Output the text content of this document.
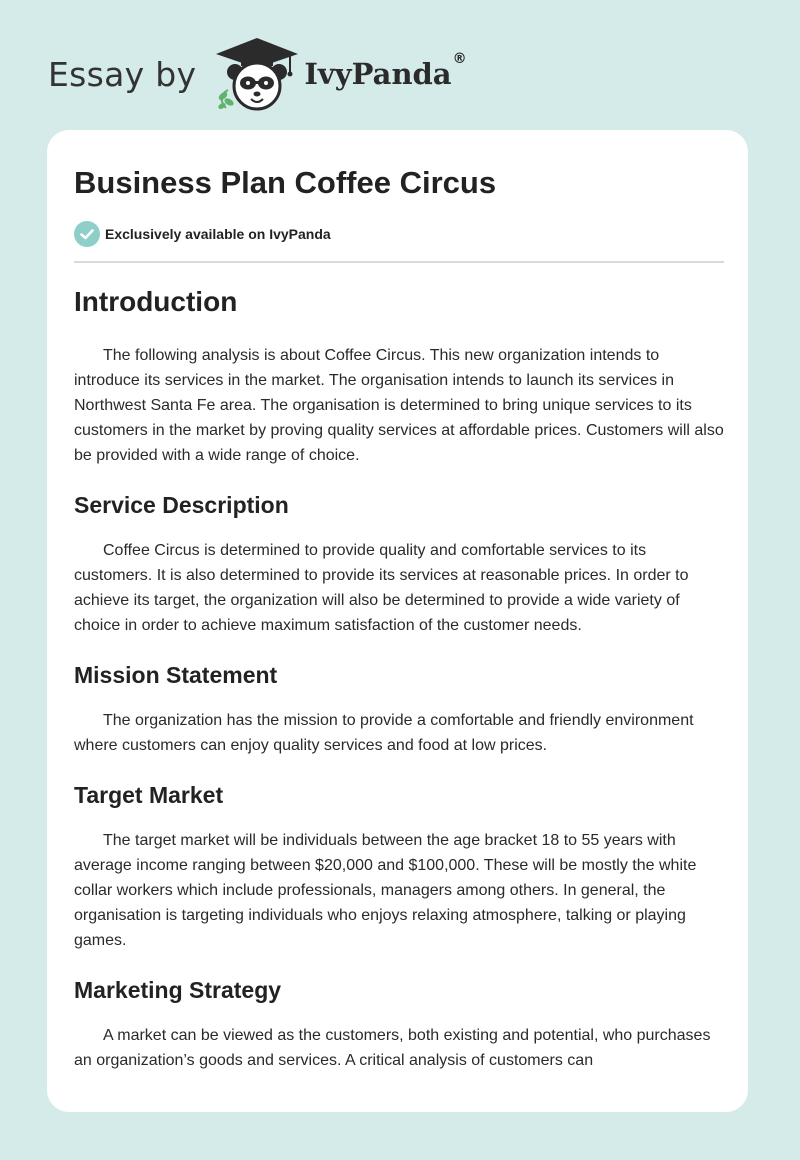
Essay by	IvyPanda®
Business Plan Coffee Circus
Exclusively available on IvyPanda
Introduction

The following analysis is about Coffee Circus. This new organization intends to introduce its services in the market. The organisation intends to launch its services in Northwest Santa Fe area. The organisation is determined to bring unique services to its customers in the market by proving quality services at affordable prices. Customers will also be provided with a wide range of choice.

Service Description

Coffee Circus is determined to provide quality and comfortable services to its customers. It is also determined to provide its services at reasonable prices. In order to achieve its target, the organization will also be determined to provide a wide variety of choice in order to achieve maximum satisfaction of the customer needs.

Mission Statement

The organization has the mission to provide a comfortable and friendly environment where customers can enjoy quality services and food at low prices.

Target Market

The target market will be individuals between the age bracket 18 to 55 years with average income ranging between $20,000 and $100,000. These will be mostly the white collar workers which include professionals, managers among others. In general, the organisation is targeting individuals who enjoys relaxing atmosphere, talking or playing games.

Marketing Strategy

A market can be viewed as the customers, both existing and potential, who purchases an organization’s goods and services. A critical analysis of customers can
